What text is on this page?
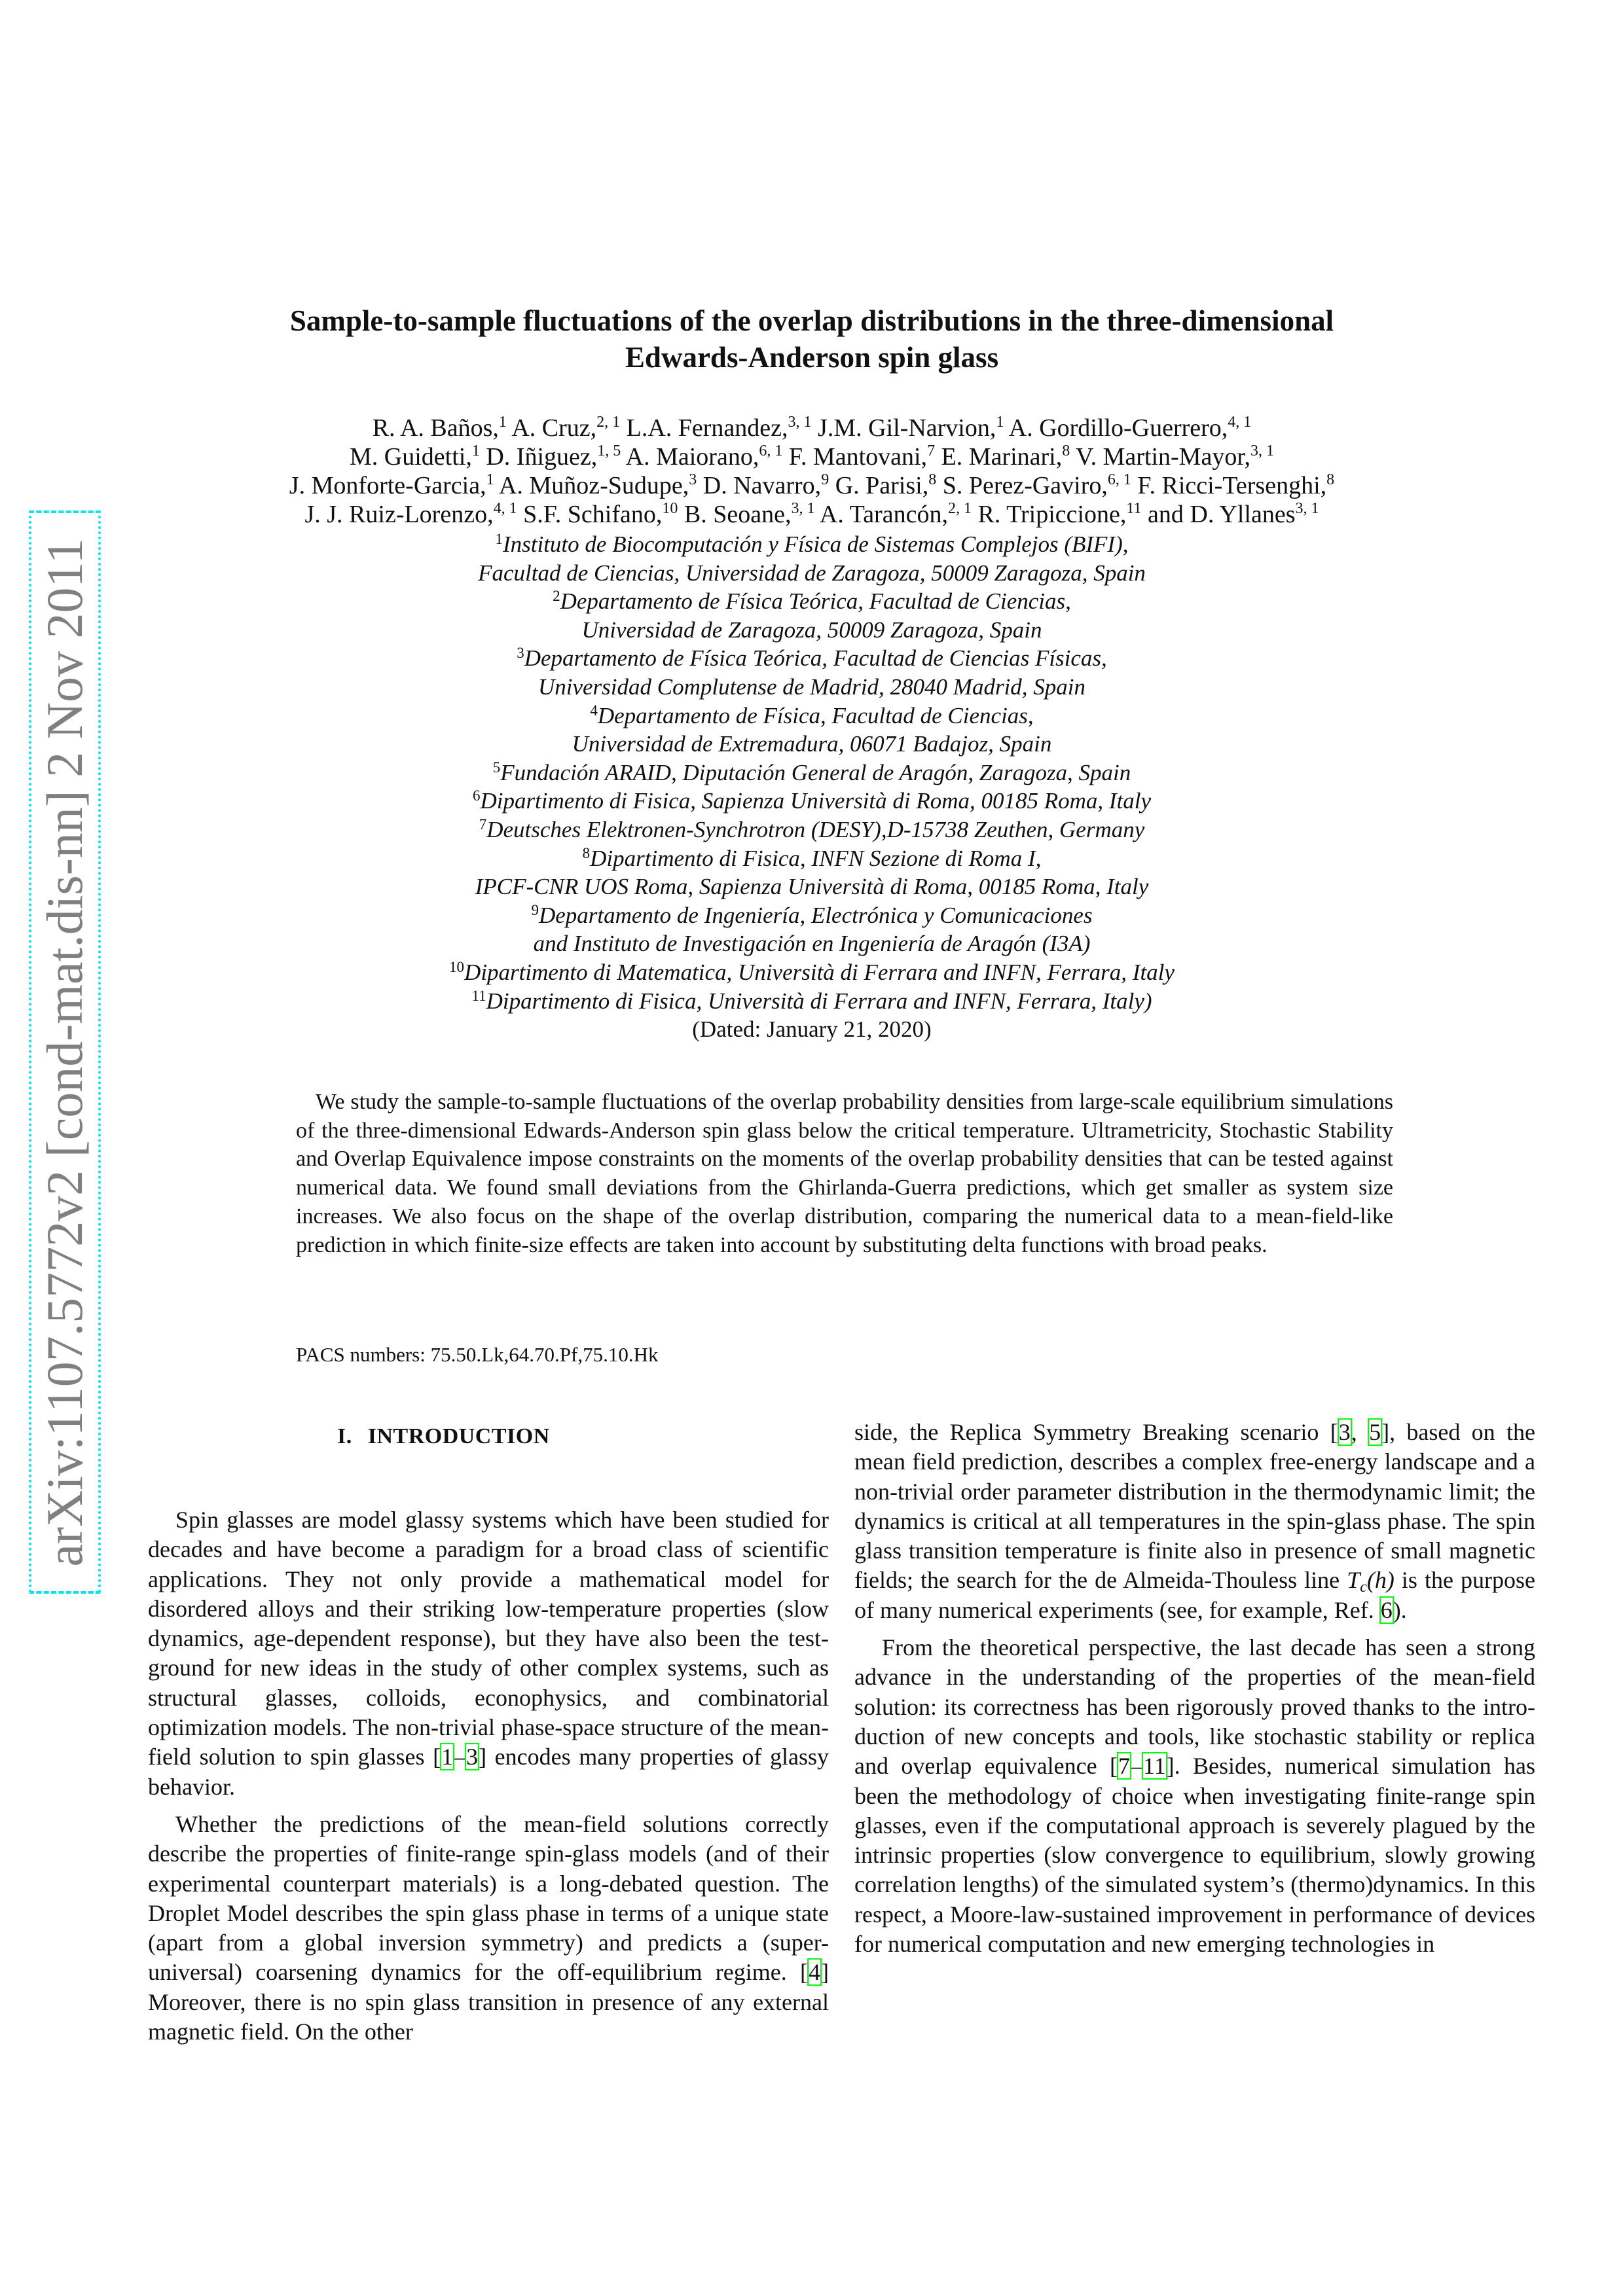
arXiv:1107.5772v2 [cond-mat.dis-nn] 2 Nov 2011
Sample-to-sample fluctuations of the overlap distributions in the three-dimensional
Edwards-Anderson spin glass
R. A. Baños,$^1$ A. Cruz,$^{2, 1}$ L.A. Fernandez,$^{3, 1}$ J.M. Gil-Narvion,$^1$ A. Gordillo-Guerrero,$^{4, 1}$
M. Guidetti,$^1$ D. Iñiguez,$^{1, 5}$ A. Maiorano,$^{6, 1}$ F. Mantovani,$^7$ E. Marinari,$^8$ V. Martin-Mayor,$^{3, 1}$
J. Monforte-Garcia,$^1$ A. Muñoz-Sudupe,$^3$ D. Navarro,$^9$ G. Parisi,$^8$ S. Perez-Gaviro,$^{6, 1}$ F. Ricci-Tersenghi,$^8$
J. J. Ruiz-Lorenzo,$^{4, 1}$ S.F. Schifano,$^{10}$ B. Seoane,$^{3, 1}$ A. Tarancón,$^{2, 1}$ R. Tripiccione,$^{11}$ and D. Yllanes$^{3, 1}$
$^1$Instituto de Biocomputación y Física de Sistemas Complejos (BIFI),
Facultad de Ciencias, Universidad de Zaragoza, 50009 Zaragoza, Spain
$^2$Departamento de Física Teórica, Facultad de Ciencias,
Universidad de Zaragoza, 50009 Zaragoza, Spain
$^3$Departamento de Física Teórica, Facultad de Ciencias Físicas,
Universidad Complutense de Madrid, 28040 Madrid, Spain
$^4$Departamento de Física, Facultad de Ciencias,
Universidad de Extremadura, 06071 Badajoz, Spain
$^5$Fundación ARAID, Diputación General de Aragón, Zaragoza, Spain
$^6$Dipartimento di Fisica, Sapienza Università di Roma, 00185 Roma, Italy
$^7$Deutsches Elektronen-Synchrotron (DESY),D-15738 Zeuthen, Germany
$^8$Dipartimento di Fisica, INFN Sezione di Roma I,
IPCF-CNR UOS Roma, Sapienza Università di Roma, 00185 Roma, Italy
$^9$Departamento de Ingeniería, Electrónica y Comunicaciones
and Instituto de Investigación en Ingeniería de Aragón (I3A)
$^{10}$Dipartimento di Matematica, Università di Ferrara and INFN, Ferrara, Italy
$^{11}$Dipartimento di Fisica, Università di Ferrara and INFN, Ferrara, Italy)
(Dated: January 21, 2020)
We study the sample-to-sample fluctuations of the overlap probability densities from large-scale equilibrium simulations of the three-dimensional Edwards-Anderson spin glass below the critical temperature. Ultrametricity, Stochastic Stability and Overlap Equivalence impose constraints on the moments of the overlap probability densities that can be tested against numerical data. We found small deviations from the Ghirlanda-Guerra predictions, which get smaller as system size increases. We also focus on the shape of the overlap distribution, comparing the numerical data to a mean-field-like prediction in which finite-size effects are taken into account by substituting delta functions with broad peaks.
PACS numbers: 75.50.Lk,64.70.Pf,75.10.Hk
I. INTRODUCTION

Spin glasses are model glassy systems which have been studied for decades and have become a paradigm for a broad class of scientific applications. They not only provide a mathematical model for disordered alloys and their striking low-temperature properties (slow dynamics, age-dependent response), but they have also been the test-ground for new ideas in the study of other complex systems, such as structural glasses, colloids, econophysics, and combinatorial optimization models. The non-trivial phase-space structure of the mean-field solution to spin glasses [1–3] encodes many properties of glassy behavior.

Whether the predictions of the mean-field solutions correctly describe the properties of finite-range spin-glass models (and of their experimental counterpart materials) is a long-debated question. The Droplet Model describes the spin glass phase in terms of a unique state (apart from a global inversion symmetry) and predicts a (super-universal) coarsening dynamics for the off-equilibrium regime. [4] Moreover, there is no spin glass transition in presence of any external magnetic field. On the other

side, the Replica Symmetry Breaking scenario [3, 5], based on the mean field prediction, describes a complex free-energy landscape and a non-trivial order parameter distribution in the thermodynamic limit; the dynamics is critical at all temperatures in the spin-glass phase. The spin glass transition temperature is finite also in presence of small magnetic fields; the search for the de Almeida-Thouless line $T_c(h)$ is the purpose of many numerical experiments (see, for example, Ref. 6).

From the theoretical perspective, the last decade has seen a strong advance in the understanding of the properties of the mean-field solution: its correctness has been rigorously proved thanks to the introduction of new concepts and tools, like stochastic stability or replica and overlap equivalence [7–11]. Besides, numerical simulation has been the methodology of choice when investigating finite-range spin glasses, even if the computational approach is severely plagued by the intrinsic properties (slow convergence to equilibrium, slowly growing correlation lengths) of the simulated system’s (thermo)dynamics. In this respect, a Moore-law-sustained improvement in performance of devices for numerical computation and new emerging technologies in
